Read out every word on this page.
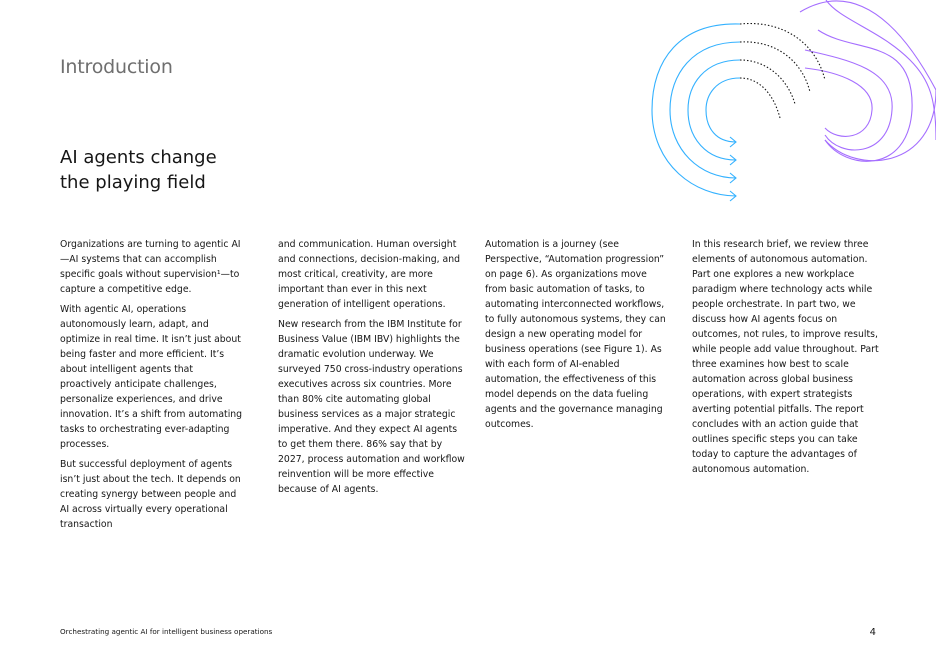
Introduction
AI agents change
the playing field

Organizations are turning to agentic AI—AI systems that can accomplish specific goals without supervision¹—to capture a competitive edge.

With agentic AI, operations autonomously learn, adapt, and optimize in real time. It isn’t just about being faster and more efficient. It’s about intelligent agents that proactively anticipate challenges, personalize experiences, and drive innovation. It’s a shift from automating tasks to orchestrating ever-adapting processes.

But successful deployment of agents isn’t just about the tech. It depends on creating synergy between people and AI across virtually every operational transaction

and communication. Human oversight and connections, decision-making, and most critical, creativity, are more important than ever in this next generation of intelligent operations.

New research from the IBM Institute for Business Value (IBM IBV) highlights the dramatic evolution underway. We surveyed 750 cross-industry operations executives across six countries. More than 80% cite automating global business services as a major strategic imperative. And they expect AI agents to get them there. 86% say that by 2027, process automation and workflow reinvention will be more effective because of AI agents.

Automation is a journey (see Perspective, “Automation progression” on page 6). As organizations move from basic automation of tasks, to automating interconnected workflows, to fully autonomous systems, they can design a new operating model for business operations (see Figure 1). As with each form of AI-enabled automation, the effectiveness of this model depends on the data fueling agents and the governance managing outcomes.

In this research brief, we review three elements of autonomous automation. Part one explores a new workplace paradigm where technology acts while people orchestrate. In part two, we discuss how AI agents focus on outcomes, not rules, to improve results, while people add value throughout. Part three examines how best to scale automation across global business operations, with expert strategists averting potential pitfalls. The report concludes with an action guide that outlines specific steps you can take today to capture the advantages of autonomous automation.

Orchestrating agentic AI for intelligent business operations	4
